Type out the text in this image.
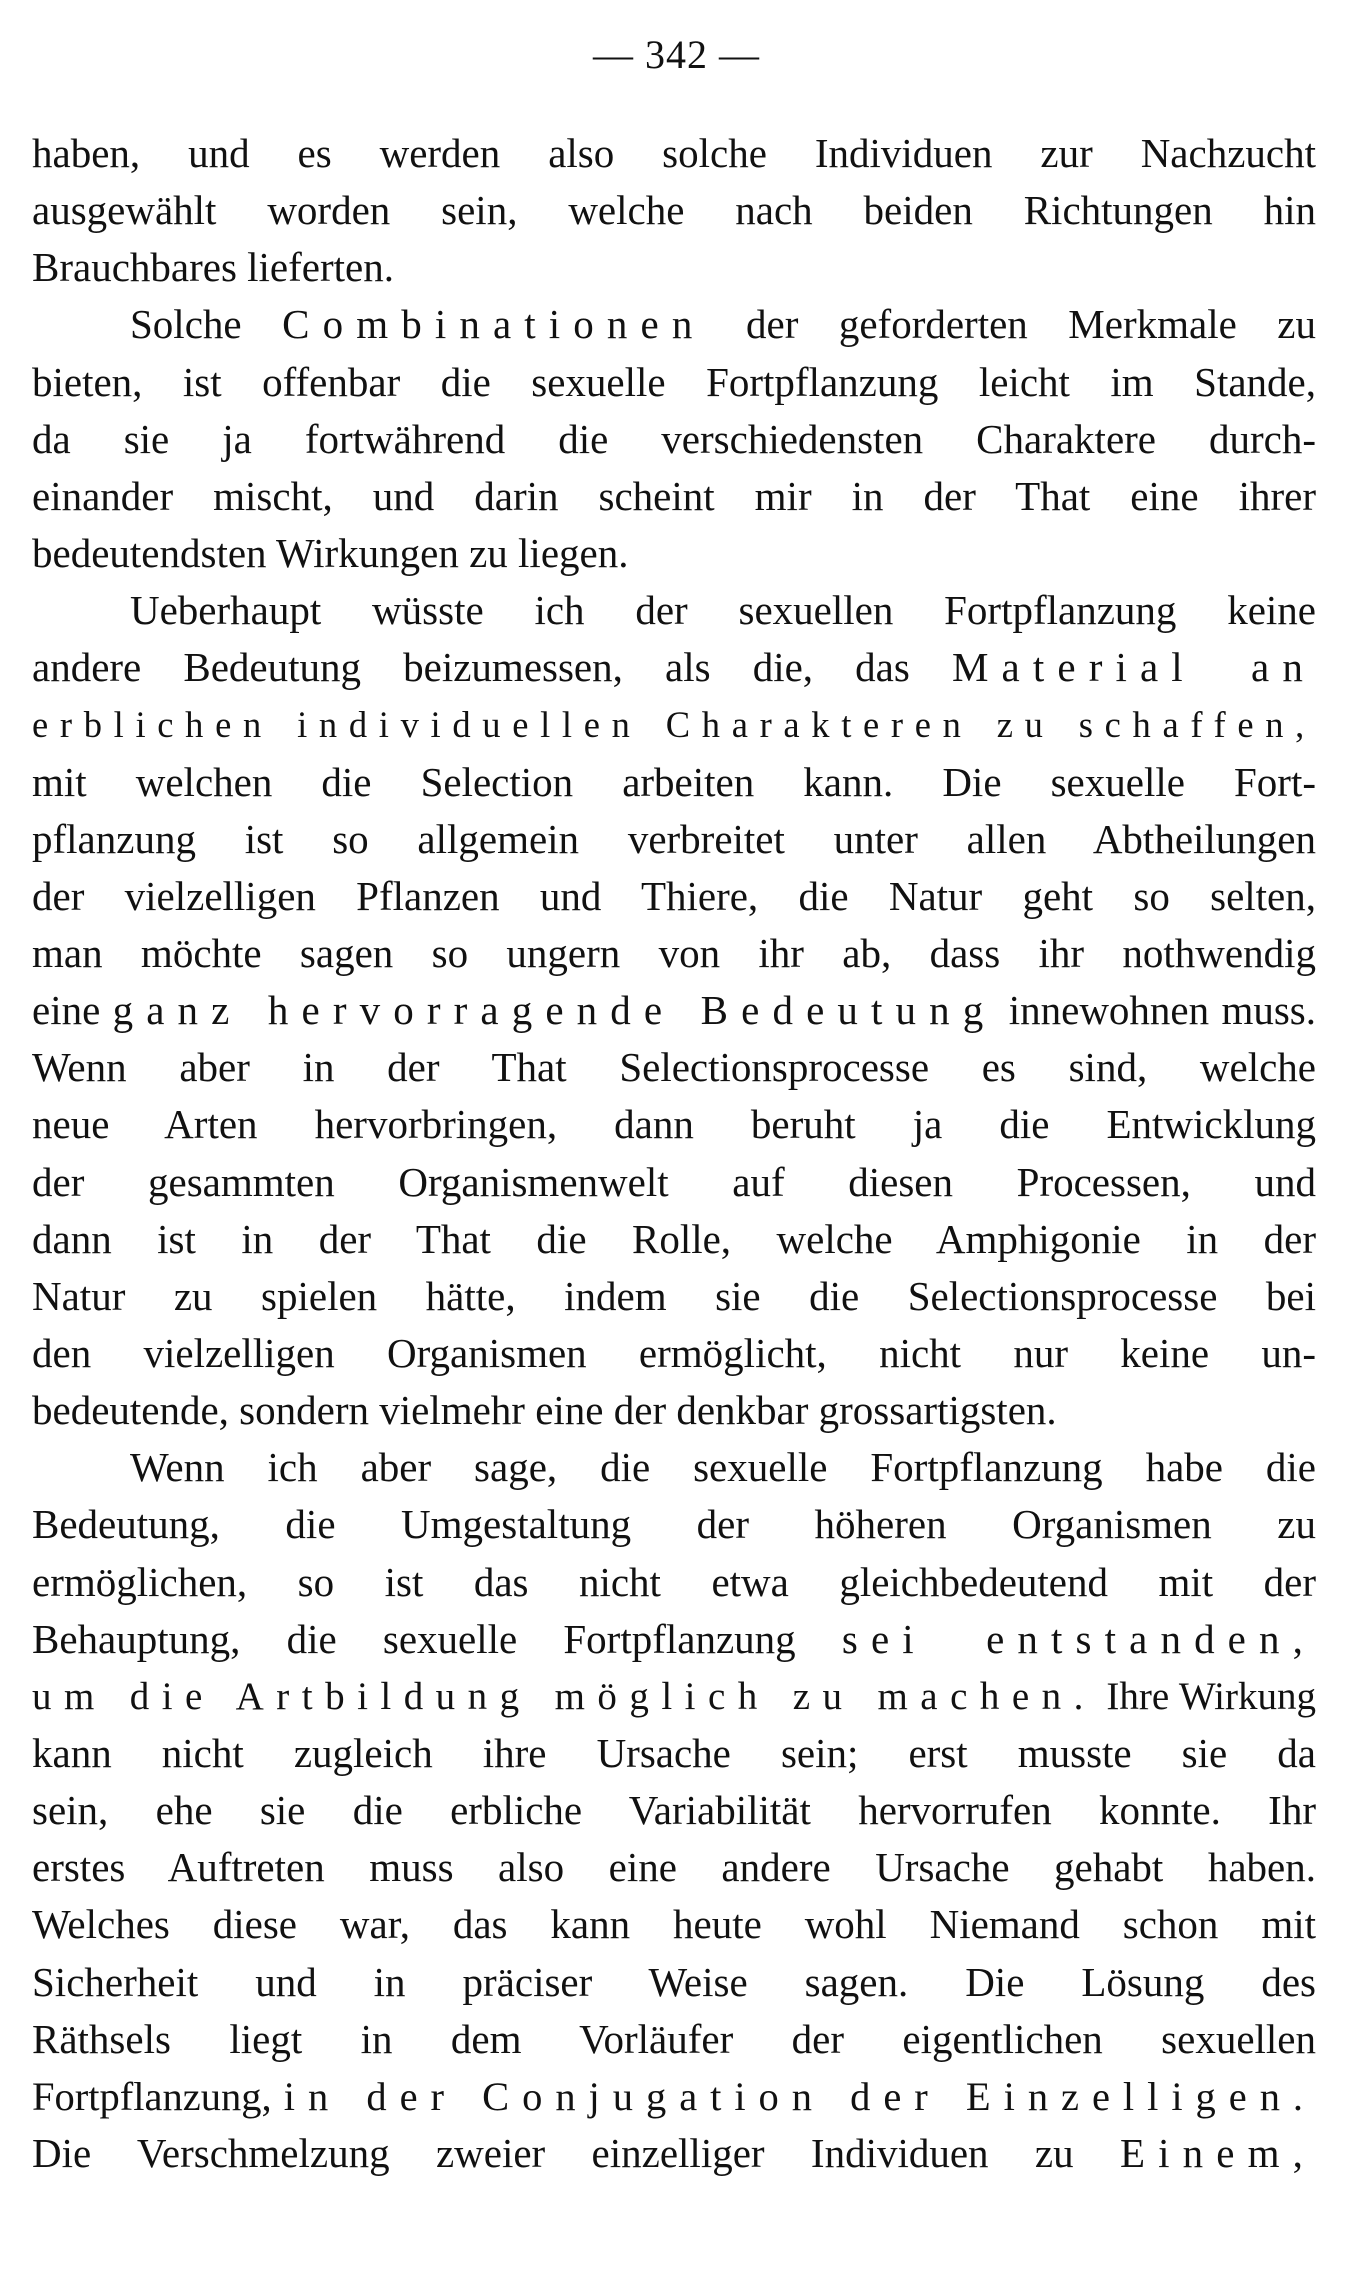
— 342 —
haben, und es werden also solche Individuen zur Nachzucht
ausgewählt worden sein, welche nach beiden Richtungen hin
Brauchbares lieferten.
Solche Combinationen der geforderten Merkmale zu
bieten, ist offenbar die sexuelle Fortpflanzung leicht im Stande,
da sie ja fortwährend die verschiedensten Charaktere durch-
einander mischt, und darin scheint mir in der That eine ihrer
bedeutendsten Wirkungen zu liegen.
Ueberhaupt wüsste ich der sexuellen Fortpflanzung keine
andere Bedeutung beizumessen, als die, das Material an
erblichen individuellen Charakteren zu schaffen,
mit welchen die Selection arbeiten kann. Die sexuelle Fort-
pflanzung ist so allgemein verbreitet unter allen Abtheilungen
der vielzelligen Pflanzen und Thiere, die Natur geht so selten,
man möchte sagen so ungern von ihr ab, dass ihr nothwendig
eine ganz hervorragende Bedeutung innewohnen muss.
Wenn aber in der That Selectionsprocesse es sind, welche
neue Arten hervorbringen, dann beruht ja die Entwicklung
der gesammten Organismenwelt auf diesen Processen, und
dann ist in der That die Rolle, welche Amphigonie in der
Natur zu spielen hätte, indem sie die Selectionsprocesse bei
den vielzelligen Organismen ermöglicht, nicht nur keine un-
bedeutende, sondern vielmehr eine der denkbar grossartigsten.
Wenn ich aber sage, die sexuelle Fortpflanzung habe die
Bedeutung, die Umgestaltung der höheren Organismen zu
ermöglichen, so ist das nicht etwa gleichbedeutend mit der
Behauptung, die sexuelle Fortpflanzung sei entstanden,
um die Artbildung möglich zu machen. Ihre Wirkung
kann nicht zugleich ihre Ursache sein; erst musste sie da
sein, ehe sie die erbliche Variabilität hervorrufen konnte. Ihr
erstes Auftreten muss also eine andere Ursache gehabt haben.
Welches diese war, das kann heute wohl Niemand schon mit
Sicherheit und in präciser Weise sagen. Die Lösung des
Räthsels liegt in dem Vorläufer der eigentlichen sexuellen
Fortpflanzung, in der Conjugation der Einzelligen.
Die Verschmelzung zweier einzelliger Individuen zu Einem,
